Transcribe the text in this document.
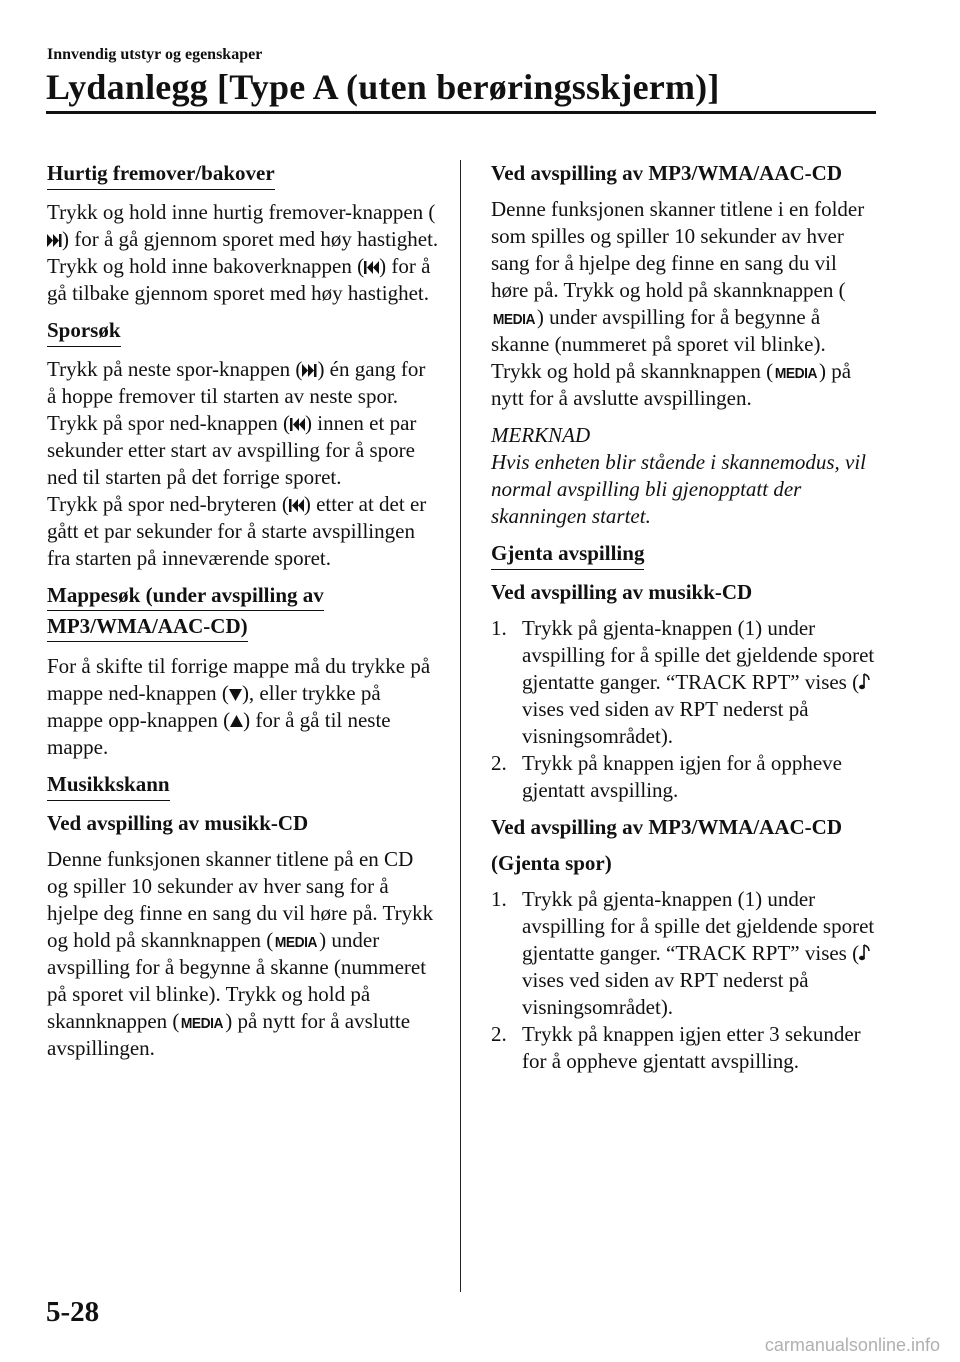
Innvendig utstyr og egenskaper
Lydanlegg [Type A (uten berøringsskjerm)]
Hurtig fremover/bakover

Trykk og hold inne hurtig fremover-knappen () for å gå gjennom sporet med høy hastighet. Trykk og hold inne bakoverknappen ( ) for å gå tilbake gjennom sporet med høy hastighet.

Sporsøk

Trykk på neste spor-knappen ( ) én gang for å hoppe fremover til starten av neste spor.

Trykk på spor ned-knappen ( ) innen et par sekunder etter start av avspilling for å spore ned til starten på det forrige sporet.

Trykk på spor ned-bryteren ( ) etter at det er gått et par sekunder for å starte avspillingen fra starten på inneværende sporet.

Mappesøk (under avspilling av
MP3/WMA/AAC-CD)

For å skifte til forrige mappe må du trykke på mappe ned-knappen ( ), eller trykke på mappe opp-knappen ( ) for å gå til neste mappe.

Musikkskann
Ved avspilling av musikk-CD

Denne funksjonen skanner titlene på en CD og spiller 10 sekunder av hver sang for å hjelpe deg finne en sang du vil høre på. Trykk og hold på skannknappen ( MEDIA) under avspilling for å begynne å skanne (nummeret på sporet vil blinke). Trykk og hold på skannknappen ( MEDIA) på nytt for å avslutte avspillingen.

Ved avspilling av MP3/WMA/AAC-CD

Denne funksjonen skanner titlene i en folder som spilles og spiller 10 sekunder av hver sang for å hjelpe deg finne en sang du vil høre på. Trykk og hold på skannknappen (MEDIA) under avspilling for å begynne å skanne (nummeret på sporet vil blinke).

Trykk og hold på skannknappen ( MEDIA) på nytt for å avslutte avspillingen.

MERKNAD
Hvis enheten blir stående i skannemodus, vil normal avspilling bli gjenopptatt der skanningen startet.
Gjenta avspilling
Ved avspilling av musikk-CD
1. Trykk på gjenta-knappen (1) under avspilling for å spille det gjeldende sporet gjentatte ganger. “TRACK RPT” vises (vises ved siden av RPT nederst på visningsområdet).
2. Trykk på knappen igjen for å oppheve gjentatt avspilling.
Ved avspilling av MP3/WMA/AAC-CD
(Gjenta spor)
1. Trykk på gjenta-knappen (1) under avspilling for å spille det gjeldende sporet gjentatte ganger. “TRACK RPT” vises (vises ved siden av RPT nederst på visningsområdet).
2. Trykk på knappen igjen etter 3 sekunder for å oppheve gjentatt avspilling.
5-28
carmanualsonline.info
